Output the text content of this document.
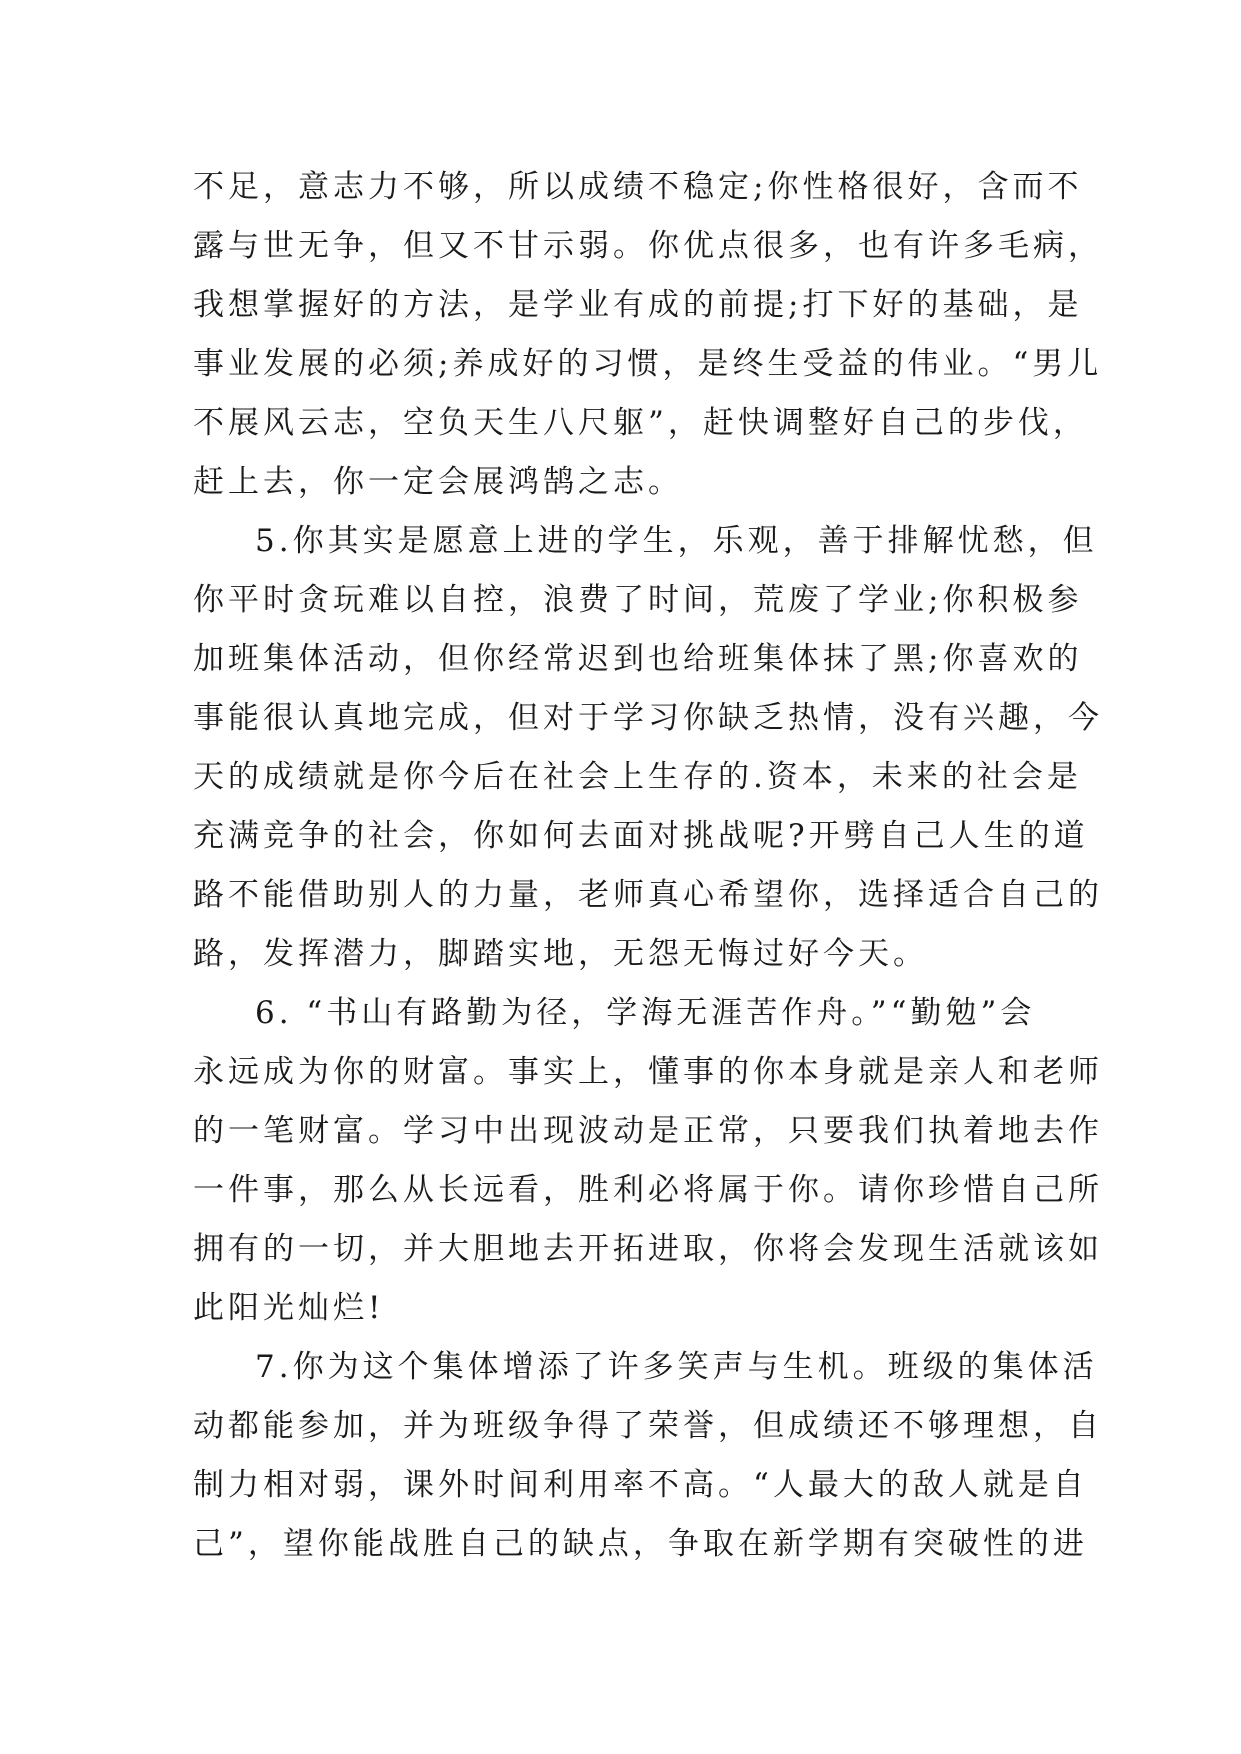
不足，意志力不够，所以成绩不稳定;你性格很好，含而不
露与世无争，但又不甘示弱。你优点很多，也有许多毛病，
我想掌握好的方法，是学业有成的前提;打下好的基础，是
事业发展的必须;养成好的习惯，是终生受益的伟业。“男儿
不展风云志，空负天生八尺躯”，赶快调整好自己的步伐，
赶上去，你一定会展鸿鹄之志。
5.你其实是愿意上进的学生，乐观，善于排解忧愁，但
你平时贪玩难以自控，浪费了时间，荒废了学业;你积极参
加班集体活动，但你经常迟到也给班集体抹了黑;你喜欢的
事能很认真地完成，但对于学习你缺乏热情，没有兴趣，今
天的成绩就是你今后在社会上生存的.资本，未来的社会是
充满竞争的社会，你如何去面对挑战呢?开劈自己人生的道
路不能借助别人的力量，老师真心希望你，选择适合自己的
路，发挥潜力，脚踏实地，无怨无悔过好今天。
6. “书山有路勤为径，学海无涯苦作舟。”“勤勉”会
永远成为你的财富。事实上，懂事的你本身就是亲人和老师
的一笔财富。学习中出现波动是正常，只要我们执着地去作
一件事，那么从长远看，胜利必将属于你。请你珍惜自己所
拥有的一切，并大胆地去开拓进取，你将会发现生活就该如
此阳光灿烂!
7.你为这个集体增添了许多笑声与生机。班级的集体活
动都能参加，并为班级争得了荣誉，但成绩还不够理想，自
制力相对弱，课外时间利用率不高。“人最大的敌人就是自
己”，望你能战胜自己的缺点，争取在新学期有突破性的进
